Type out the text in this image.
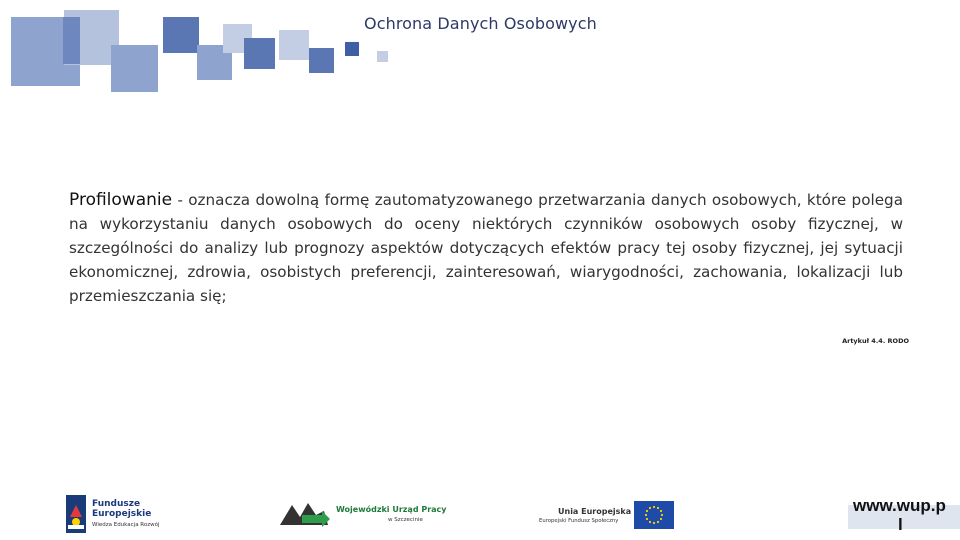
Ochrona Danych Osobowych
Profilowanie - oznacza dowolną formę zautomatyzowanego przetwarzania danych osobowych, które polega na wykorzystaniu danych osobowych do oceny niektórych czynników osobowych osoby fizycznej, w szczególności do analizy lub prognozy aspektów dotyczących efektów pracy tej osoby fizycznej, jej sytuacji ekonomicznej, zdrowia, osobistych preferencji, zainteresowań, wiarygodności, zachowania, lokalizacji lub przemieszczania się;
Artykuł 4.4. RODO
Fundusze
Europejskie
Wiedza Edukacja Rozwój
Wojewódzki Urząd Pracy
w Szczecinie
Unia Europejska
Europejski Fundusz Społeczny
www.wup.p
l
